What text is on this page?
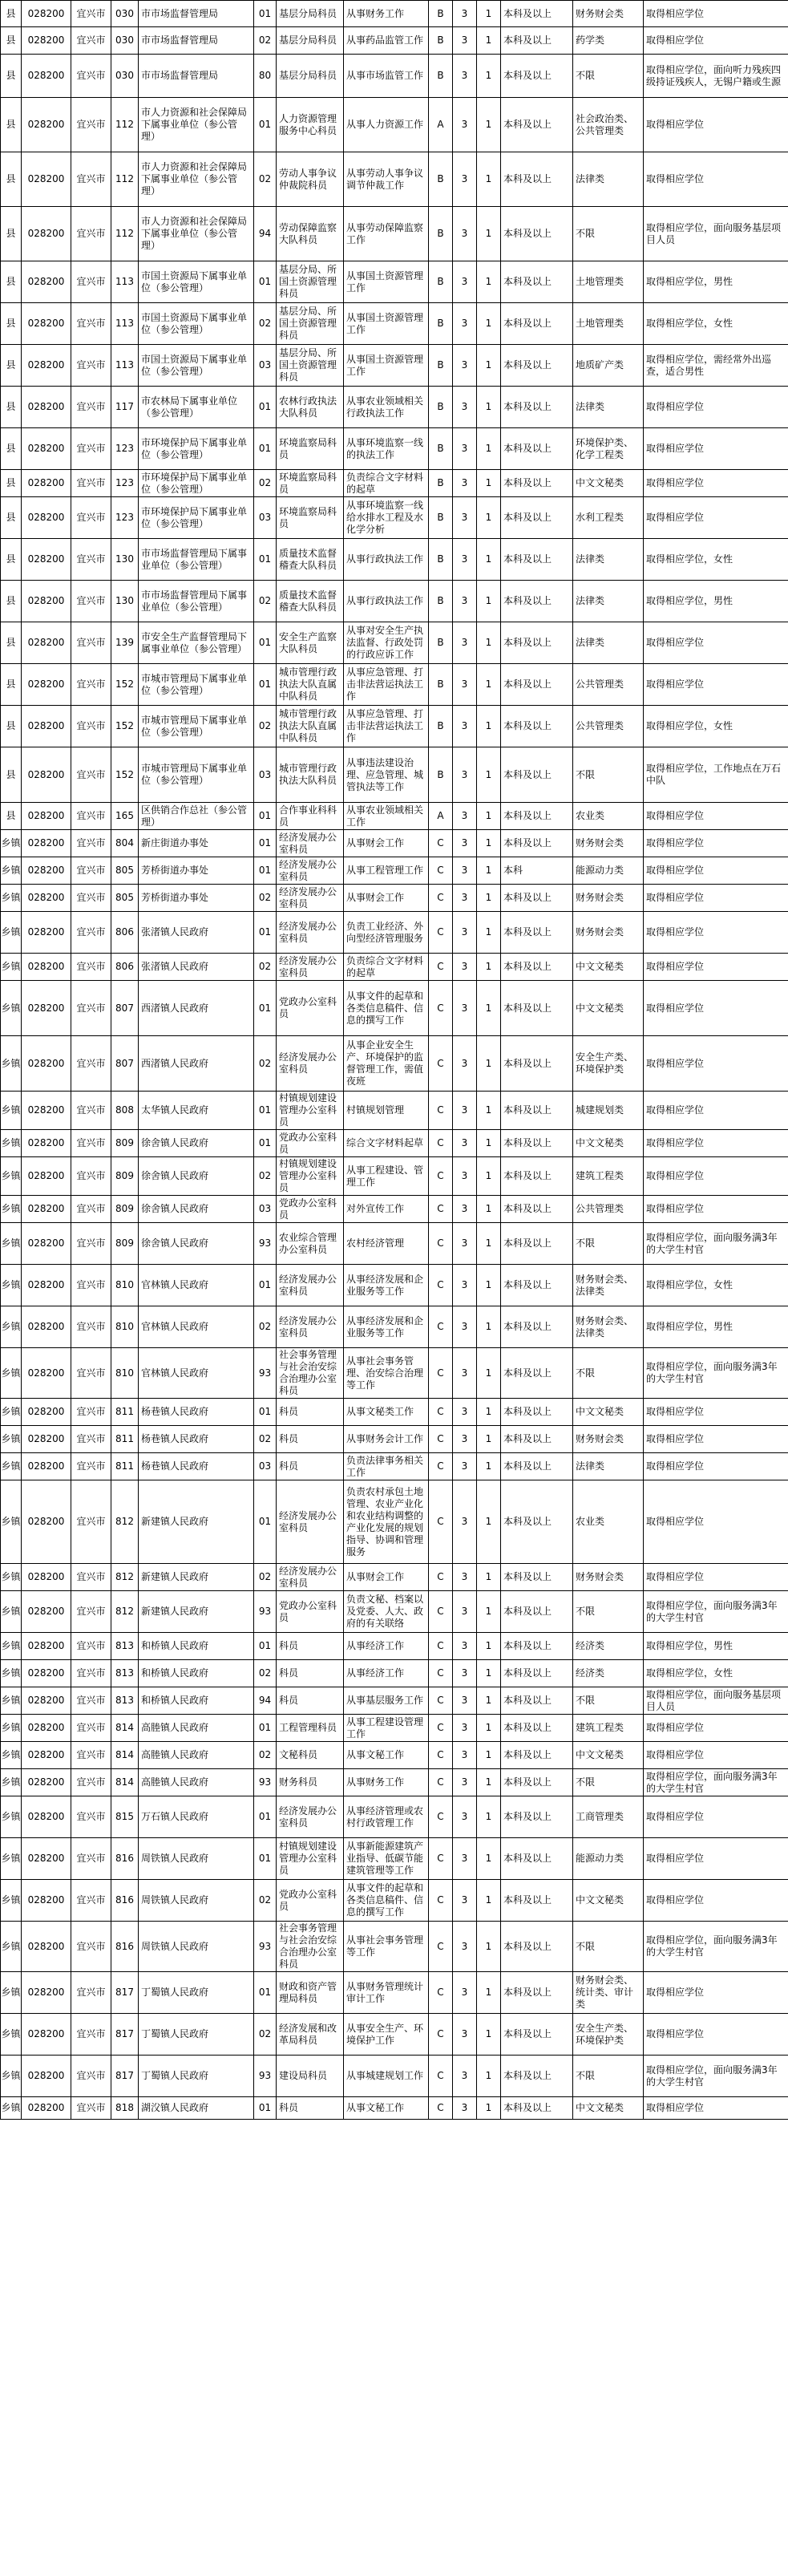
县	028200	宜兴市	030	市市场监督管理局	01	基层分局科员	从事财务工作	B	3	1	本科及以上	财务财会类	取得相应学位
县	028200	宜兴市	030	市市场监督管理局	02	基层分局科员	从事药品监管工作	B	3	1	本科及以上	药学类	取得相应学位
县	028200	宜兴市	030	市市场监督管理局	80	基层分局科员	从事市场监管工作	B	3	1	本科及以上	不限	取得相应学位，面向听力残疾四级持证残疾人，无锡户籍或生源
县	028200	宜兴市	112	市人力资源和社会保障局下属事业单位（参公管理）	01	人力资源管理服务中心科员	从事人力资源工作	A	3	1	本科及以上	社会政治类、公共管理类	取得相应学位
县	028200	宜兴市	112	市人力资源和社会保障局下属事业单位（参公管理）	02	劳动人事争议仲裁院科员	从事劳动人事争议调节仲裁工作	B	3	1	本科及以上	法律类	取得相应学位
县	028200	宜兴市	112	市人力资源和社会保障局下属事业单位（参公管理）	94	劳动保障监察大队科员	从事劳动保障监察工作	B	3	1	本科及以上	不限	取得相应学位，面向服务基层项目人员
县	028200	宜兴市	113	市国土资源局下属事业单位（参公管理）	01	基层分局、所国土资源管理科员	从事国土资源管理工作	B	3	1	本科及以上	土地管理类	取得相应学位，男性
县	028200	宜兴市	113	市国土资源局下属事业单位（参公管理）	02	基层分局、所国土资源管理科员	从事国土资源管理工作	B	3	1	本科及以上	土地管理类	取得相应学位，女性
县	028200	宜兴市	113	市国土资源局下属事业单位（参公管理）	03	基层分局、所国土资源管理科员	从事国土资源管理工作	B	3	1	本科及以上	地质矿产类	取得相应学位，需经常外出巡查，适合男性
县	028200	宜兴市	117	市农林局下属事业单位（参公管理）	01	农林行政执法大队科员	从事农业领域相关行政执法工作	B	3	1	本科及以上	法律类	取得相应学位
县	028200	宜兴市	123	市环境保护局下属事业单位（参公管理）	01	环境监察局科员	从事环境监察一线的执法工作	B	3	1	本科及以上	环境保护类、化学工程类	取得相应学位
县	028200	宜兴市	123	市环境保护局下属事业单位（参公管理）	02	环境监察局科员	负责综合文字材料的起草	B	3	1	本科及以上	中文文秘类	取得相应学位
县	028200	宜兴市	123	市环境保护局下属事业单位（参公管理）	03	环境监察局科员	从事环境监察一线给水排水工程及水化学分析	B	3	1	本科及以上	水利工程类	取得相应学位
县	028200	宜兴市	130	市市场监督管理局下属事业单位（参公管理）	01	质量技术监督稽查大队科员	从事行政执法工作	B	3	1	本科及以上	法律类	取得相应学位，女性
县	028200	宜兴市	130	市市场监督管理局下属事业单位（参公管理）	02	质量技术监督稽查大队科员	从事行政执法工作	B	3	1	本科及以上	法律类	取得相应学位，男性
县	028200	宜兴市	139	市安全生产监督管理局下属事业单位（参公管理）	01	安全生产监察大队科员	从事对安全生产执法监督、行政处罚的行政应诉工作	B	3	1	本科及以上	法律类	取得相应学位
县	028200	宜兴市	152	市城市管理局下属事业单位（参公管理）	01	城市管理行政执法大队直属中队科员	从事应急管理、打击非法营运执法工作	B	3	1	本科及以上	公共管理类	取得相应学位
县	028200	宜兴市	152	市城市管理局下属事业单位（参公管理）	02	城市管理行政执法大队直属中队科员	从事应急管理、打击非法营运执法工作	B	3	1	本科及以上	公共管理类	取得相应学位，女性
县	028200	宜兴市	152	市城市管理局下属事业单位（参公管理）	03	城市管理行政执法大队科员	从事违法建设治理、应急管理、城管执法等工作	B	3	1	本科及以上	不限	取得相应学位，工作地点在万石中队
县	028200	宜兴市	165	区供销合作总社（参公管理）	01	合作事业科科员	从事农业领域相关工作	A	3	1	本科及以上	农业类	取得相应学位
乡镇	028200	宜兴市	804	新庄街道办事处	01	经济发展办公室科员	从事财会工作	C	3	1	本科及以上	财务财会类	取得相应学位
乡镇	028200	宜兴市	805	芳桥街道办事处	01	经济发展办公室科员	从事工程管理工作	C	3	1	本科	能源动力类	取得相应学位
乡镇	028200	宜兴市	805	芳桥街道办事处	02	经济发展办公室科员	从事财会工作	C	3	1	本科及以上	财务财会类	取得相应学位
乡镇	028200	宜兴市	806	张渚镇人民政府	01	经济发展办公室科员	负责工业经济、外向型经济管理服务	C	3	1	本科及以上	财务财会类	取得相应学位
乡镇	028200	宜兴市	806	张渚镇人民政府	02	经济发展办公室科员	负责综合文字材料的起草	C	3	1	本科及以上	中文文秘类	取得相应学位
乡镇	028200	宜兴市	807	西渚镇人民政府	01	党政办公室科员	从事文件的起草和各类信息稿件、信息的撰写工作	C	3	1	本科及以上	中文文秘类	取得相应学位
乡镇	028200	宜兴市	807	西渚镇人民政府	02	经济发展办公室科员	从事企业安全生产、环境保护的监督管理工作，需值夜班	C	3	1	本科及以上	安全生产类、环境保护类	取得相应学位
乡镇	028200	宜兴市	808	太华镇人民政府	01	村镇规划建设管理办公室科员	村镇规划管理	C	3	1	本科及以上	城建规划类	取得相应学位
乡镇	028200	宜兴市	809	徐舍镇人民政府	01	党政办公室科员	综合文字材料起草	C	3	1	本科及以上	中文文秘类	取得相应学位
乡镇	028200	宜兴市	809	徐舍镇人民政府	02	村镇规划建设管理办公室科员	从事工程建设、管理工作	C	3	1	本科及以上	建筑工程类	取得相应学位
乡镇	028200	宜兴市	809	徐舍镇人民政府	03	党政办公室科员	对外宣传工作	C	3	1	本科及以上	公共管理类	取得相应学位
乡镇	028200	宜兴市	809	徐舍镇人民政府	93	农业综合管理办公室科员	农村经济管理	C	3	1	本科及以上	不限	取得相应学位，面向服务满3年的大学生村官
乡镇	028200	宜兴市	810	官林镇人民政府	01	经济发展办公室科员	从事经济发展和企业服务等工作	C	3	1	本科及以上	财务财会类、法律类	取得相应学位，女性
乡镇	028200	宜兴市	810	官林镇人民政府	02	经济发展办公室科员	从事经济发展和企业服务等工作	C	3	1	本科及以上	财务财会类、法律类	取得相应学位，男性
乡镇	028200	宜兴市	810	官林镇人民政府	93	社会事务管理与社会治安综合治理办公室科员	从事社会事务管理、治安综合治理等工作	C	3	1	本科及以上	不限	取得相应学位，面向服务满3年的大学生村官
乡镇	028200	宜兴市	811	杨巷镇人民政府	01	科员	从事文秘类工作	C	3	1	本科及以上	中文文秘类	取得相应学位
乡镇	028200	宜兴市	811	杨巷镇人民政府	02	科员	从事财务会计工作	C	3	1	本科及以上	财务财会类	取得相应学位
乡镇	028200	宜兴市	811	杨巷镇人民政府	03	科员	负责法律事务相关工作	C	3	1	本科及以上	法律类	取得相应学位
乡镇	028200	宜兴市	812	新建镇人民政府	01	经济发展办公室科员	负责农村承包土地管理、农业产业化和农业结构调整的产业化发展的规划指导、协调和管理服务	C	3	1	本科及以上	农业类	取得相应学位
乡镇	028200	宜兴市	812	新建镇人民政府	02	经济发展办公室科员	从事财会工作	C	3	1	本科及以上	财务财会类	取得相应学位
乡镇	028200	宜兴市	812	新建镇人民政府	93	党政办公室科员	负责文秘、档案以及党委、人大、政府的有关联络	C	3	1	本科及以上	不限	取得相应学位，面向服务满3年的大学生村官
乡镇	028200	宜兴市	813	和桥镇人民政府	01	科员	从事经济工作	C	3	1	本科及以上	经济类	取得相应学位，男性
乡镇	028200	宜兴市	813	和桥镇人民政府	02	科员	从事经济工作	C	3	1	本科及以上	经济类	取得相应学位，女性
乡镇	028200	宜兴市	813	和桥镇人民政府	94	科员	从事基层服务工作	C	3	1	本科及以上	不限	取得相应学位，面向服务基层项目人员
乡镇	028200	宜兴市	814	高塍镇人民政府	01	工程管理科员	从事工程建设管理工作	C	3	1	本科及以上	建筑工程类	取得相应学位
乡镇	028200	宜兴市	814	高塍镇人民政府	02	文秘科员	从事文秘工作	C	3	1	本科及以上	中文文秘类	取得相应学位
乡镇	028200	宜兴市	814	高塍镇人民政府	93	财务科员	从事财务工作	C	3	1	本科及以上	不限	取得相应学位，面向服务满3年的大学生村官
乡镇	028200	宜兴市	815	万石镇人民政府	01	经济发展办公室科员	从事经济管理或农村行政管理工作	C	3	1	本科及以上	工商管理类	取得相应学位
乡镇	028200	宜兴市	816	周铁镇人民政府	01	村镇规划建设管理办公室科员	从事新能源建筑产业指导、低碳节能建筑管理等工作	C	3	1	本科及以上	能源动力类	取得相应学位
乡镇	028200	宜兴市	816	周铁镇人民政府	02	党政办公室科员	从事文件的起草和各类信息稿件、信息的撰写工作	C	3	1	本科及以上	中文文秘类	取得相应学位
乡镇	028200	宜兴市	816	周铁镇人民政府	93	社会事务管理与社会治安综合治理办公室科员	从事社会事务管理等工作	C	3	1	本科及以上	不限	取得相应学位，面向服务满3年的大学生村官
乡镇	028200	宜兴市	817	丁蜀镇人民政府	01	财政和资产管理局科员	从事财务管理统计审计工作	C	3	1	本科及以上	财务财会类、统计类、审计类	取得相应学位
乡镇	028200	宜兴市	817	丁蜀镇人民政府	02	经济发展和改革局科员	从事安全生产、环境保护工作	C	3	1	本科及以上	安全生产类、环境保护类	取得相应学位
乡镇	028200	宜兴市	817	丁蜀镇人民政府	93	建设局科员	从事城建规划工作	C	3	1	本科及以上	不限	取得相应学位，面向服务满3年的大学生村官
乡镇	028200	宜兴市	818	湖㳇镇人民政府	01	科员	从事文秘工作	C	3	1	本科及以上	中文文秘类	取得相应学位
